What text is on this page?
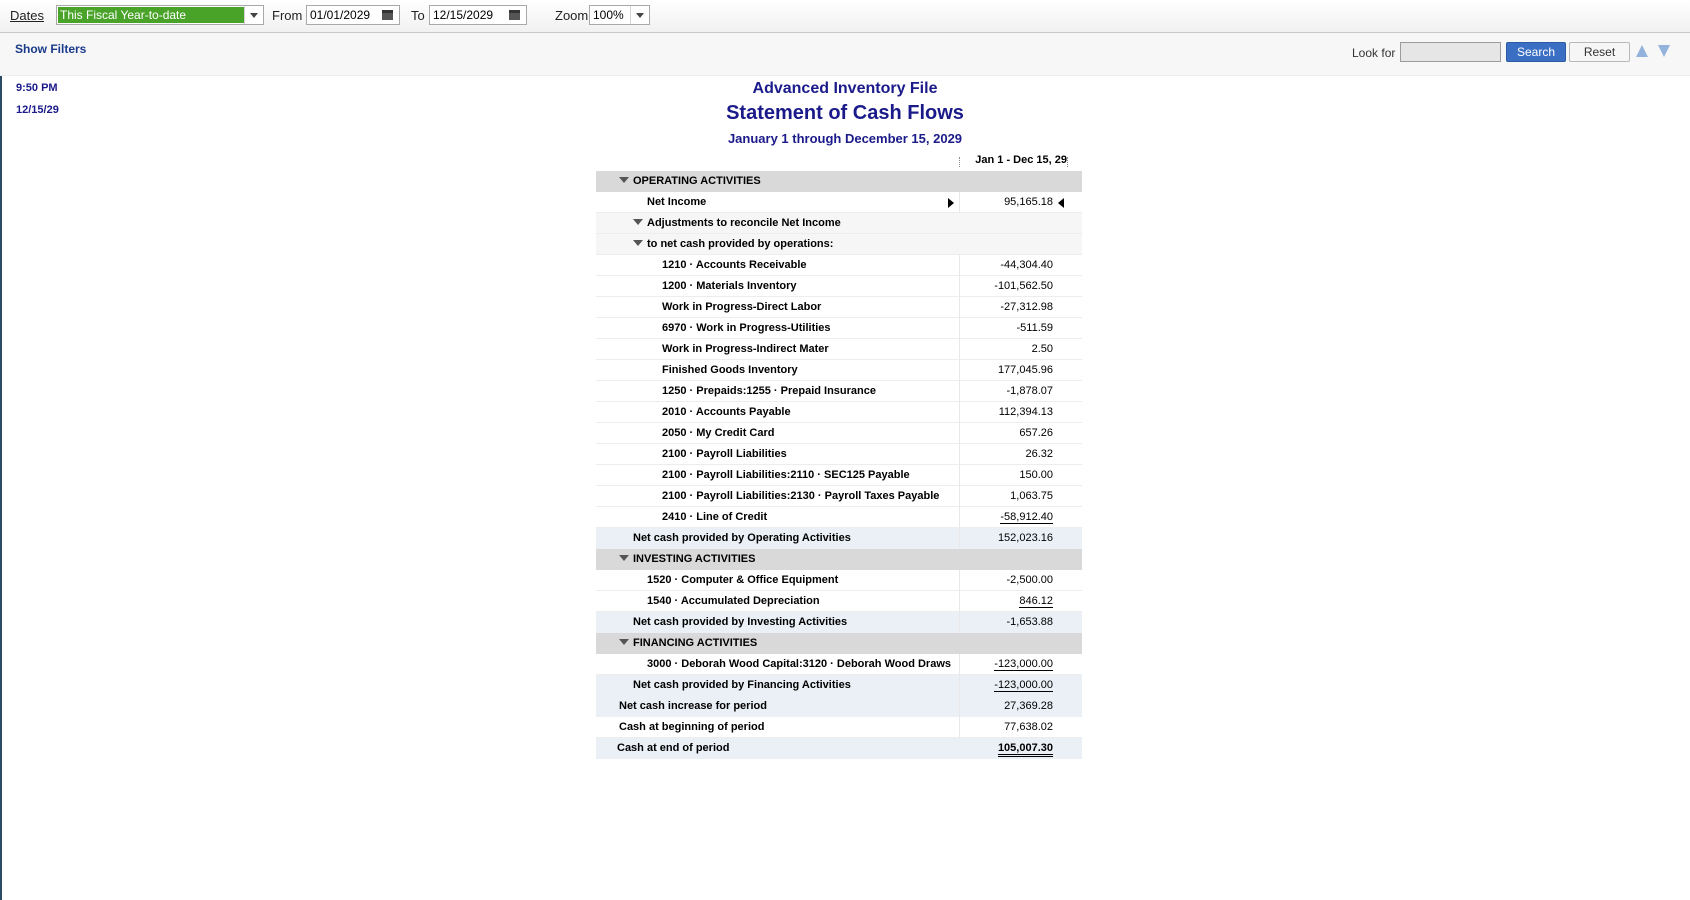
Dates This Fiscal Year-to-date	From 01/01/2029	To 12/15/2029	Zoom 100%
Show Filters	Look for	Search	Reset
9:50 PM
12/15/29
Advanced Inventory File
Statement of Cash Flows
January 1 through December 15, 2029
Jan 1 - Dec 15, 29
OPERATING ACTIVITIES
Net Income	95,165.18
Adjustments to reconcile Net Income
to net cash provided by operations:
1210 · Accounts Receivable	-44,304.40
1200 · Materials Inventory	-101,562.50
Work in Progress-Direct Labor	-27,312.98
6970 · Work in Progress-Utilities	-511.59
Work in Progress-Indirect Mater	2.50
Finished Goods Inventory	177,045.96
1250 · Prepaids:1255 · Prepaid Insurance	-1,878.07
2010 · Accounts Payable	112,394.13
2050 · My Credit Card	657.26
2100 · Payroll Liabilities	26.32
2100 · Payroll Liabilities:2110 · SEC125 Payable	150.00
2100 · Payroll Liabilities:2130 · Payroll Taxes Payable	1,063.75
2410 · Line of Credit	-58,912.40
Net cash provided by Operating Activities	152,023.16
INVESTING ACTIVITIES
1520 · Computer & Office Equipment	-2,500.00
1540 · Accumulated Depreciation	846.12
Net cash provided by Investing Activities	-1,653.88
FINANCING ACTIVITIES
3000 · Deborah Wood Capital:3120 · Deborah Wood Draws	-123,000.00
Net cash provided by Financing Activities	-123,000.00
Net cash increase for period	27,369.28
Cash at beginning of period	77,638.02
Cash at end of period	105,007.30
